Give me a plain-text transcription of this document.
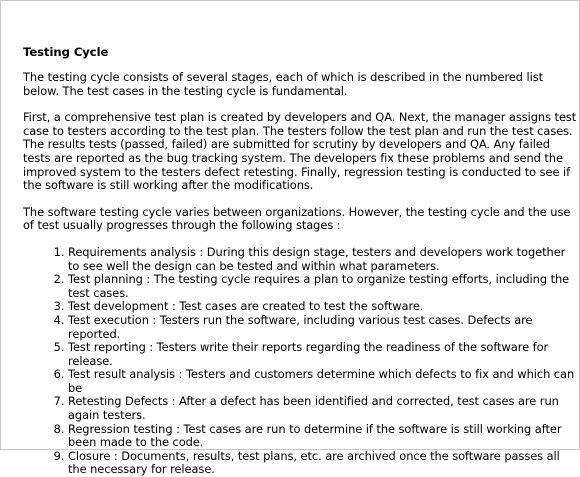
Testing Cycle

The testing cycle consists of several stages, each of which is described in the numbered list below. The test cases in the testing cycle is fundamental.

First, a comprehensive test plan is created by developers and QA. Next, the manager assigns test case to testers according to the test plan. The testers follow the test plan and run the test cases. The results tests (passed, failed) are submitted for scrutiny by developers and QA. Any failed tests are reported as the bug tracking system. The developers fix these problems and send the improved system to the testers defect retesting. Finally, regression testing is conducted to see if the software is still working after the modifications.

The software testing cycle varies between organizations. However, the testing cycle and the use of test usually progresses through the following stages :

1. Requirements analysis : During this design stage, testers and developers work together to see well the design can be tested and within what parameters.
2. Test planning : The testing cycle requires a plan to organize testing efforts, including the test cases.
3. Test development : Test cases are created to test the software.
4. Test execution : Testers run the software, including various test cases. Defects are reported.
5. Test reporting : Testers write their reports regarding the readiness of the software for release.
6. Test result analysis : Testers and customers determine which defects to fix and which can be
7. Retesting Defects : After a defect has been identified and corrected, test cases are run again testers.
8. Regression testing : Test cases are run to determine if the software is still working after been made to the code.
9. Closure : Documents, results, test plans, etc. are archived once the software passes all the necessary for release.
